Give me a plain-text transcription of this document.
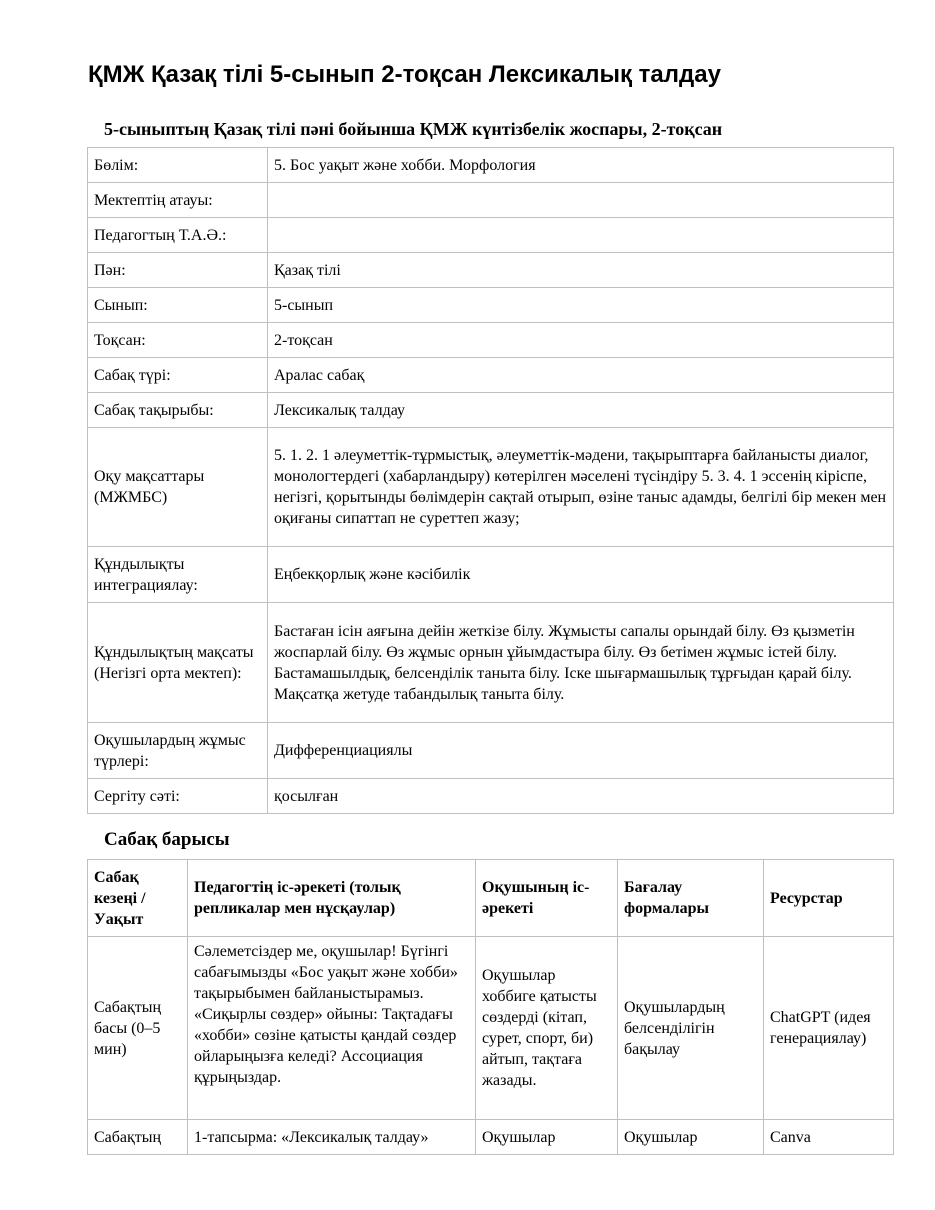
ҚМЖ Қазақ тілі 5-сынып 2-тоқсан Лексикалық талдау
5-сыныптың Қазақ тілі пәні бойынша ҚМЖ күнтізбелік жоспары, 2-тоқсан
Бөлім:	5. Бос уақыт және хобби. Морфология
Мектептің атауы:	
Педагогтың Т.А.Ә.:	
Пән:	Қазақ тілі
Сынып:	5-сынып
Тоқсан:	2-тоқсан
Сабақ түрі:	Аралас сабақ
Сабақ тақырыбы:	Лексикалық талдау
Оқу мақсаттары (МЖМБС)	5. 1. 2. 1 әлеуметтік-тұрмыстық, әлеуметтік-мәдени, тақырыптарға байланысты диалог, монологтердегі (хабарландыру) көтерілген мәселені түсіндіру 5. 3. 4. 1 эссенің кіріспе, негізгі, қорытынды бөлімдерін сақтай отырып, өзіне таныс адамды, белгілі бір мекен мен оқиғаны сипаттап не суреттеп жазу;
Құндылықты интеграциялау:	Еңбекқорлық және кәсібилік
Құндылықтың мақсаты (Негізгі орта мектеп):	Бастаған ісін аяғына дейін жеткізе білу. Жұмысты сапалы орындай білу. Өз қызметін жоспарлай білу. Өз жұмыс орнын ұйымдастыра білу. Өз бетімен жұмыс істей білу. Бастамашылдық, белсенділік таныта білу. Іске шығармашылық тұрғыдан қарай білу. Мақсатқа жетуде табандылық таныта білу.
Оқушылардың жұмыс түрлері:	Дифференциациялы
Сергіту сәті:	қосылған
Сабақ барысы
Сабақ кезеңі / Уақыт	Педагогтің іс-әрекеті (толық репликалар мен нұсқаулар)	Оқушының іс-әрекеті	Бағалау формалары	Ресурстар
Сабақтың басы (0–5 мин)	Сәлеметсіздер ме, оқушылар! Бүгінгі сабағымызды «Бос уақыт және хобби» тақырыбымен байланыстырамыз. «Сиқырлы сөздер» ойыны: Тақтадағы «хобби» сөзіне қатысты қандай сөздер ойларыңызға келеді? Ассоциация құрыңыздар.	Оқушылар хоббиге қатысты сөздерді (кітап, сурет, спорт, би) айтып, тақтаға жазады.	Оқушылардың белсенділігін бақылау	ChatGPT (идея генерациялау)
Сабақтың	1-тапсырма: «Лексикалық талдау»	Оқушылар	Оқушылар	Canva
